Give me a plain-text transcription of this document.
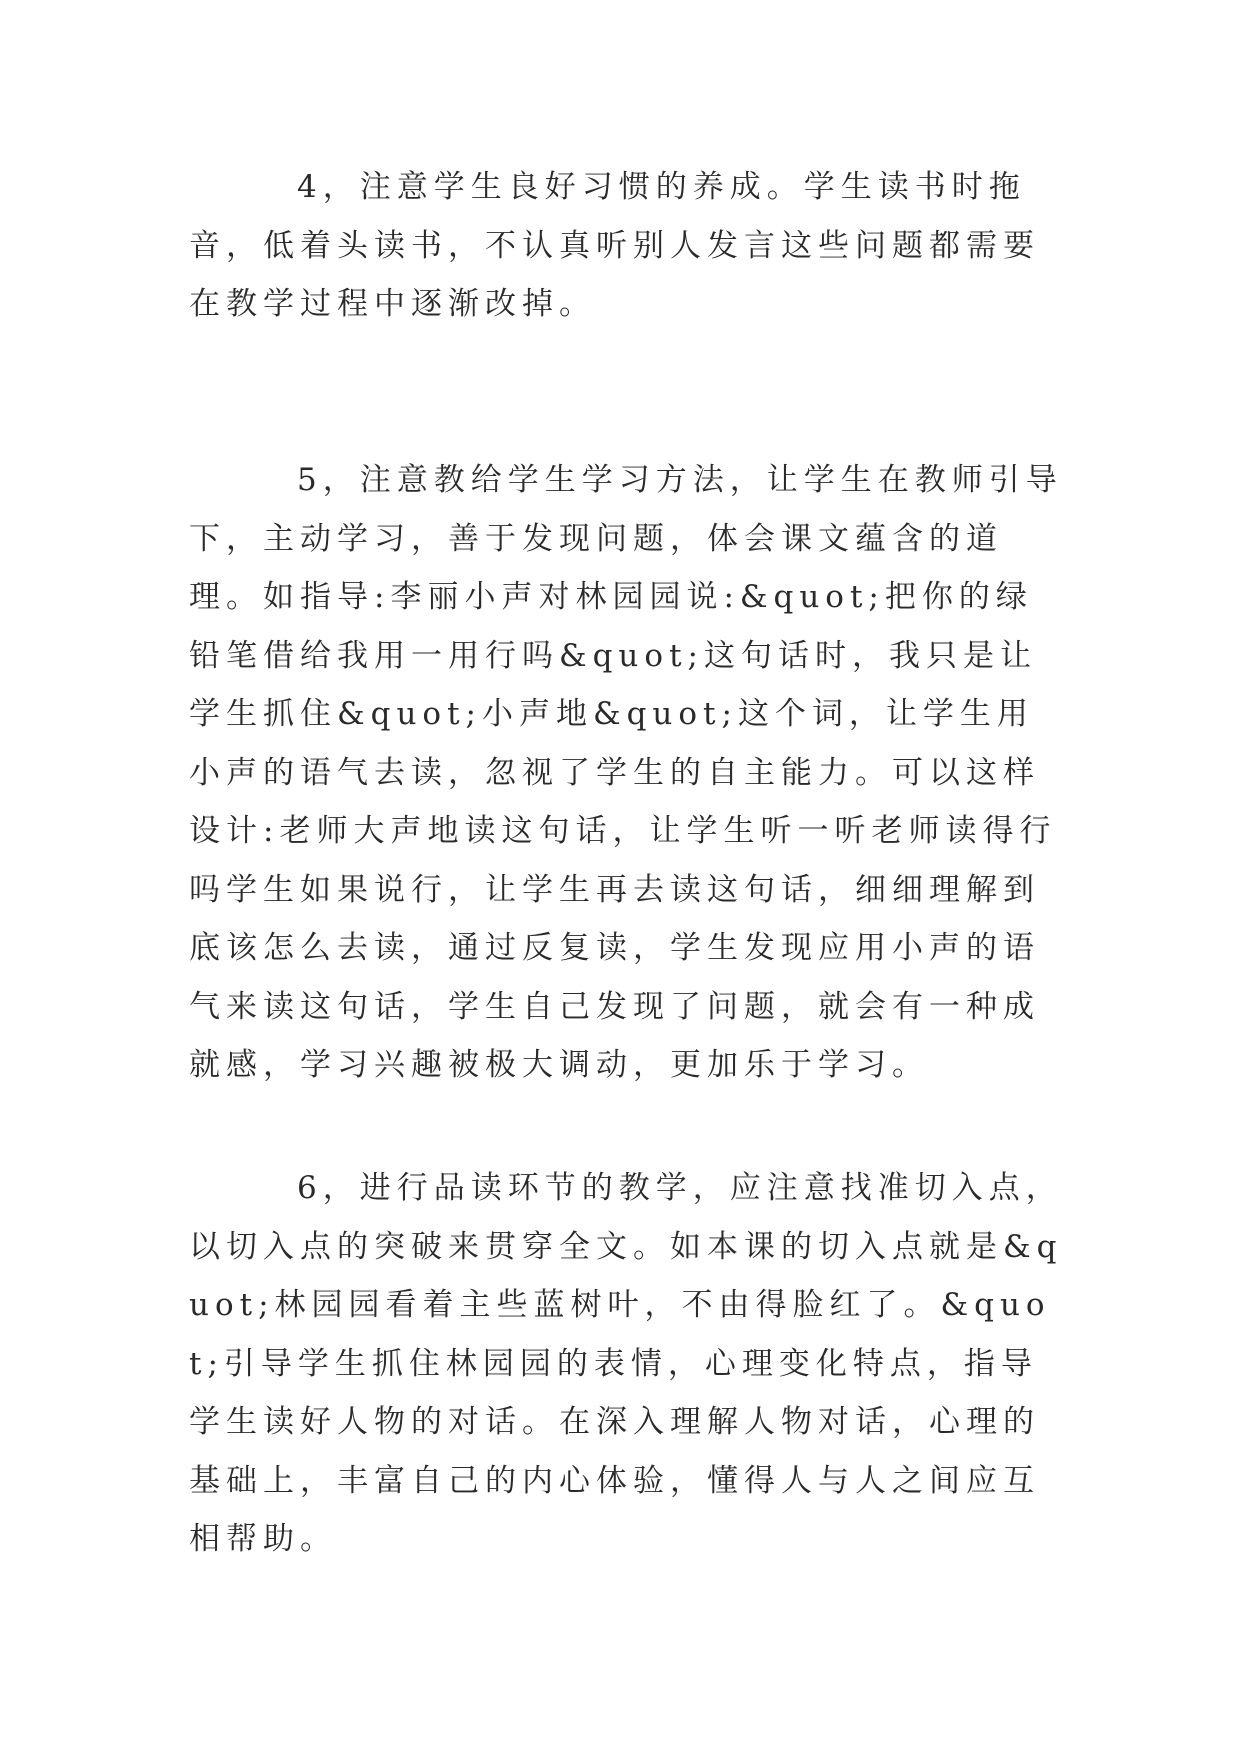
4，注意学生良好习惯的养成。学生读书时拖音，低着头读书，不认真听别人发言这些问题都需要在教学过程中逐渐改掉。

5，注意教给学生学习方法，让学生在教师引导下，主动学习，善于发现问题，体会课文蕴含的道理。如指导:李丽小声对林园园说:&quot;把你的绿铅笔借给我用一用行吗&quot;这句话时，我只是让学生抓住&quot;小声地&quot;这个词，让学生用小声的语气去读，忽视了学生的自主能力。可以这样设计:老师大声地读这句话，让学生听一听老师读得行吗学生如果说行，让学生再去读这句话，细细理解到底该怎么去读，通过反复读，学生发现应用小声的语气来读这句话，学生自己发现了问题，就会有一种成就感，学习兴趣被极大调动，更加乐于学习。

6，进行品读环节的教学，应注意找准切入点，以切入点的突破来贯穿全文。如本课的切入点就是&quot;林园园看着主些蓝树叶，不由得脸红了。&quot;引导学生抓住林园园的表情，心理变化特点，指导学生读好人物的对话。在深入理解人物对话，心理的基础上，丰富自己的内心体验，懂得人与人之间应互相帮助。
